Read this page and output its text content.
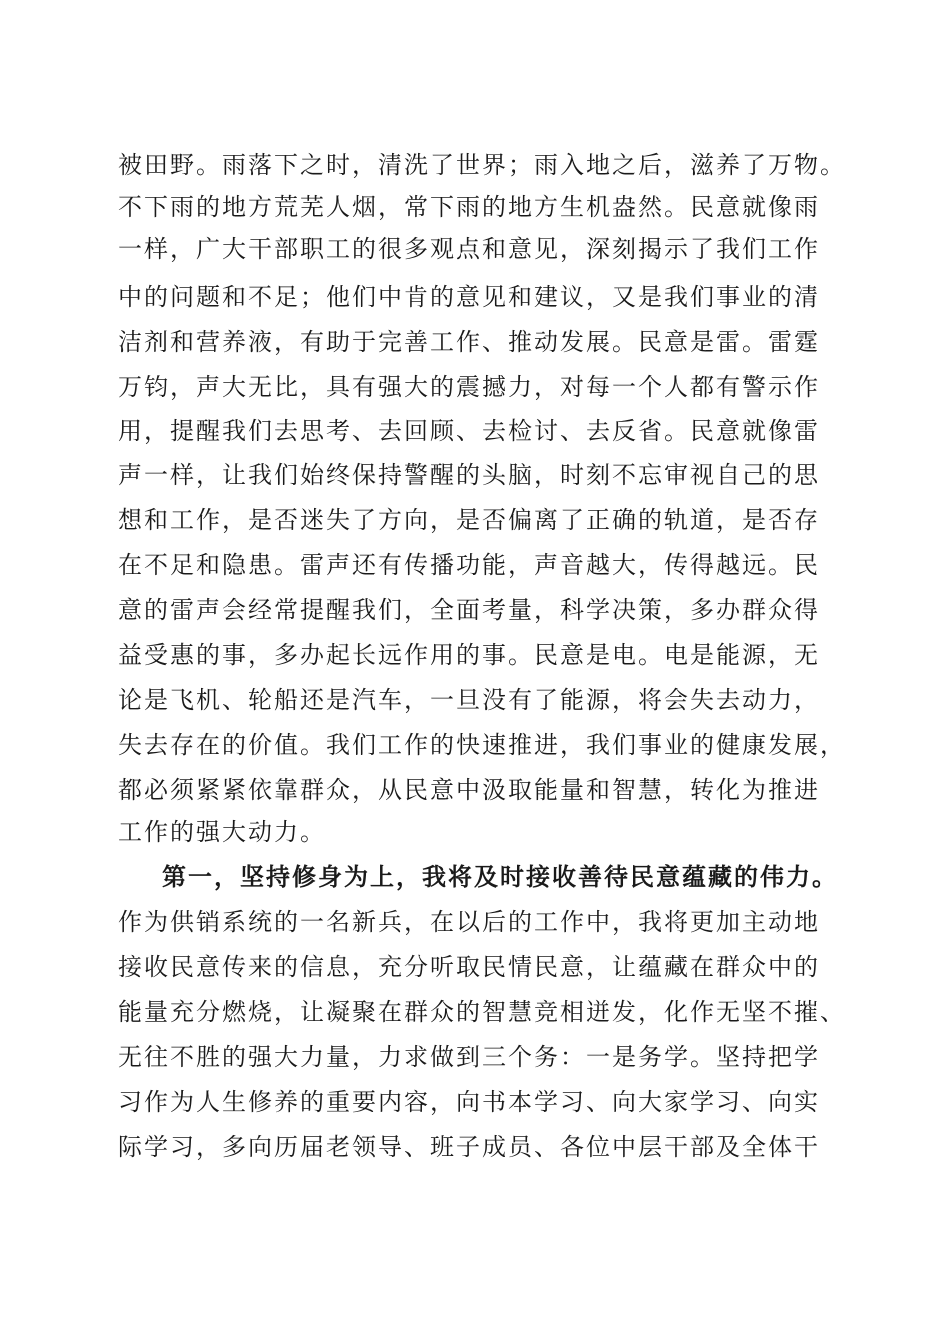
被田野。雨落下之时，清洗了世界；雨入地之后，滋养了万物。
不下雨的地方荒芜人烟，常下雨的地方生机盎然。民意就像雨
一样，广大干部职工的很多观点和意见，深刻揭示了我们工作
中的问题和不足；他们中肯的意见和建议，又是我们事业的清
洁剂和营养液，有助于完善工作、推动发展。民意是雷。雷霆
万钧，声大无比，具有强大的震撼力，对每一个人都有警示作
用，提醒我们去思考、去回顾、去检讨、去反省。民意就像雷
声一样，让我们始终保持警醒的头脑，时刻不忘审视自己的思
想和工作，是否迷失了方向，是否偏离了正确的轨道，是否存
在不足和隐患。雷声还有传播功能，声音越大，传得越远。民
意的雷声会经常提醒我们，全面考量，科学决策，多办群众得
益受惠的事，多办起长远作用的事。民意是电。电是能源，无
论是飞机、轮船还是汽车，一旦没有了能源，将会失去动力，
失去存在的价值。我们工作的快速推进，我们事业的健康发展，
都必须紧紧依靠群众，从民意中汲取能量和智慧，转化为推进
工作的强大动力。
第一，坚持修身为上，我将及时接收善待民意蕴藏的伟力。
作为供销系统的一名新兵，在以后的工作中，我将更加主动地
接收民意传来的信息，充分听取民情民意，让蕴藏在群众中的
能量充分燃烧，让凝聚在群众的智慧竞相迸发，化作无坚不摧、
无往不胜的强大力量，力求做到三个务：一是务学。坚持把学
习作为人生修养的重要内容，向书本学习、向大家学习、向实
际学习，多向历届老领导、班子成员、各位中层干部及全体干
